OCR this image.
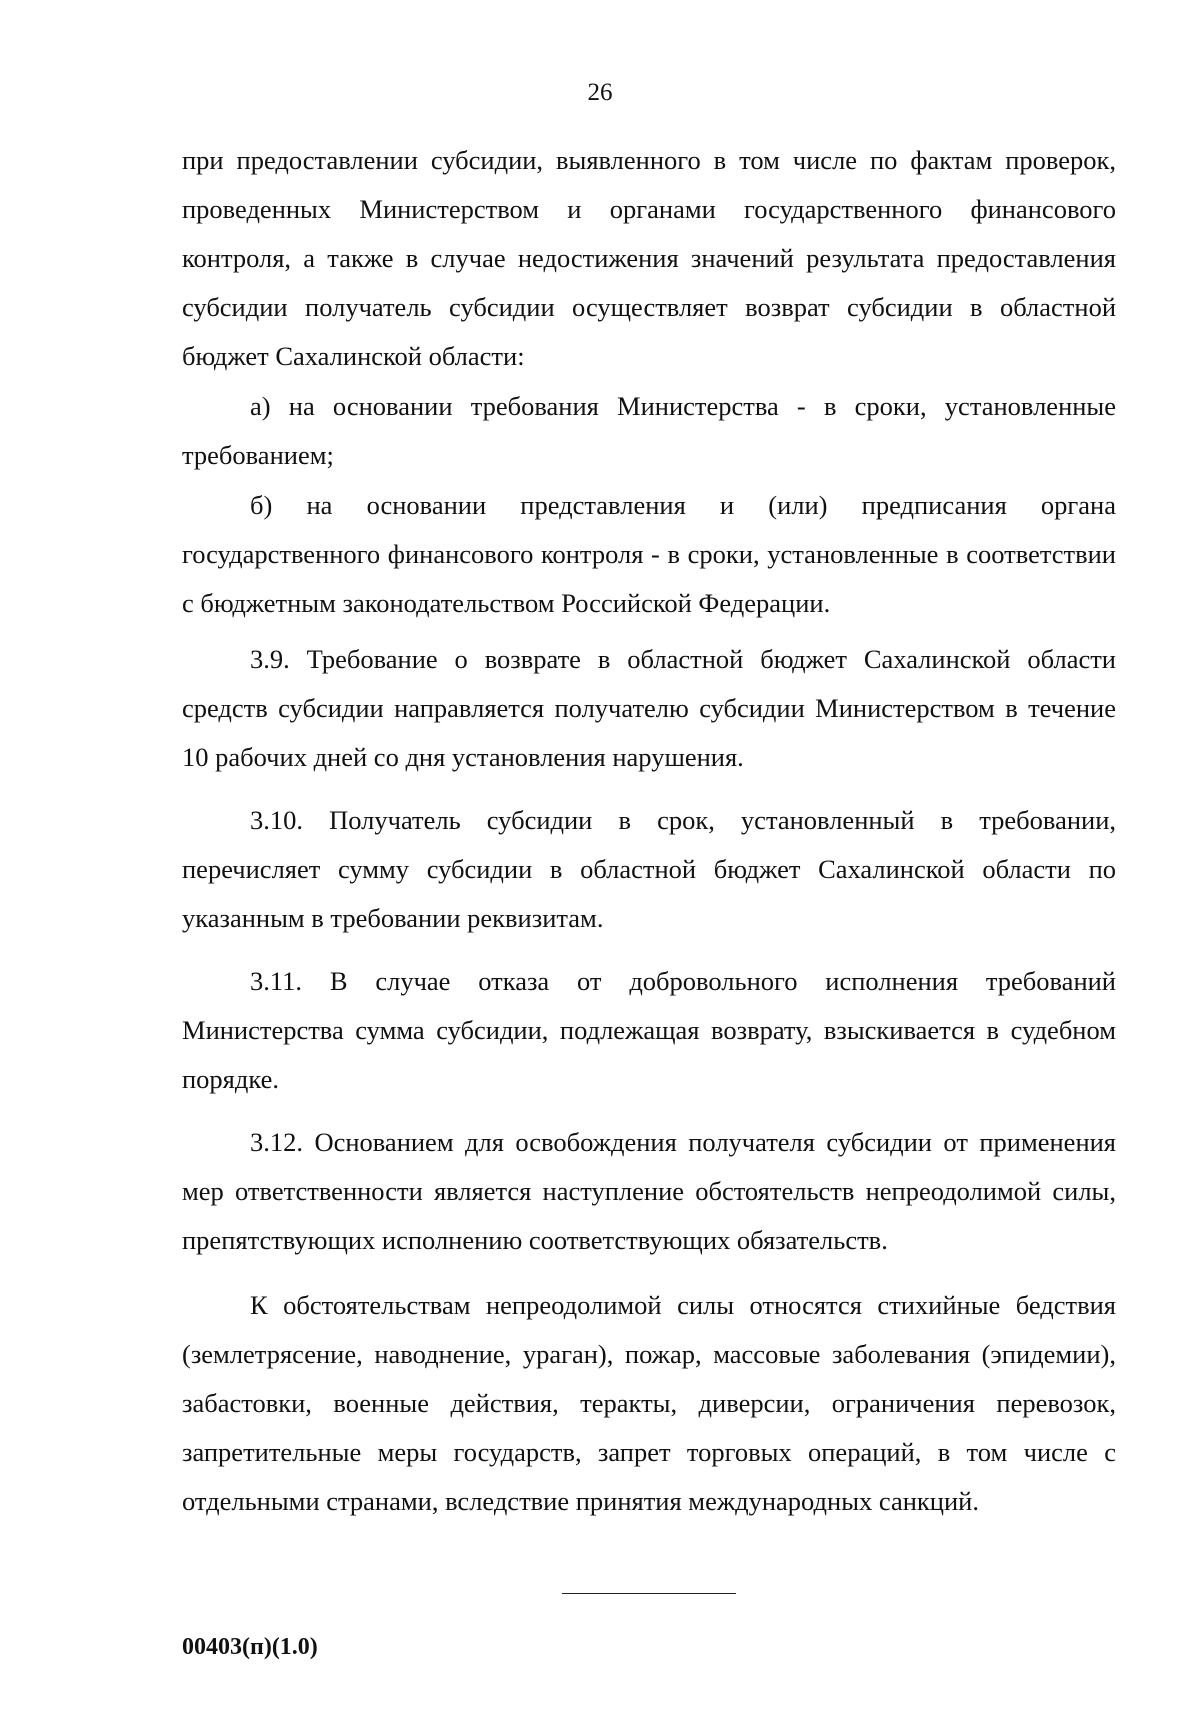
26

при предоставлении субсидии, выявленного в том числе по фактам проверок, проведенных Министерством и органами государственного финансового контроля, а также в случае недостижения значений результата предоставления субсидии получатель субсидии осуществляет возврат субсидии в областной бюджет Сахалинской области:

а) на основании требования Министерства - в сроки, установленные требованием;

б) на основании представления и (или) предписания органа государственного финансового контроля - в сроки, установленные в соответствии с бюджетным законодательством Российской Федерации.

3.9. Требование о возврате в областной бюджет Сахалинской области средств субсидии направляется получателю субсидии Министерством в течение 10 рабочих дней со дня установления нарушения.

3.10. Получатель субсидии в срок, установленный в требовании, перечисляет сумму субсидии в областной бюджет Сахалинской области по указанным в требовании реквизитам.

3.11. В случае отказа от добровольного исполнения требований Министерства сумма субсидии, подлежащая возврату, взыскивается в судебном порядке.

3.12. Основанием для освобождения получателя субсидии от применения мер ответственности является наступление обстоятельств непреодолимой силы, препятствующих исполнению соответствующих обязательств.

К обстоятельствам непреодолимой силы относятся стихийные бедствия (землетрясение, наводнение, ураган), пожар, массовые заболевания (эпидемии), забастовки, военные действия, теракты, диверсии, ограничения перевозок, запретительные меры государств, запрет торговых операций, в том числе с отдельными странами, вследствие принятия международных санкций.

00403(п)(1.0)
